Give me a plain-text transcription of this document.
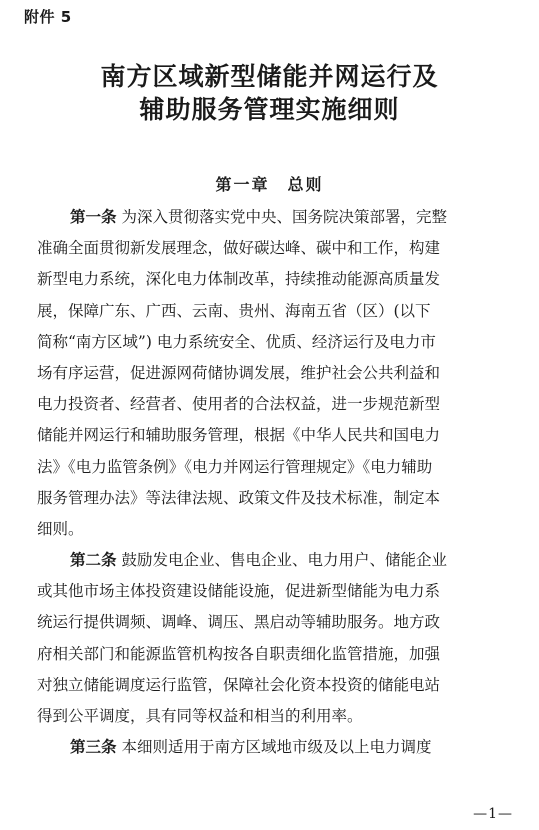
附件 5
南方区域新型储能并网运行及
辅助服务管理实施细则
第一章 总则
第一条 为深入贯彻落实党中央、国务院决策部署，完整
准确全面贯彻新发展理念，做好碳达峰、碳中和工作，构建
新型电力系统，深化电力体制改革，持续推动能源高质量发
展，保障广东、广西、云南、贵州、海南五省（区）(以下
简称“南方区域”) 电力系统安全、优质、经济运行及电力市
场有序运营，促进源网荷储协调发展，维护社会公共利益和
电力投资者、经营者、使用者的合法权益，进一步规范新型
储能并网运行和辅助服务管理，根据《中华人民共和国电力
法》《电力监管条例》《电力并网运行管理规定》《电力辅助
服务管理办法》等法律法规、政策文件及技术标准，制定本
细则。
第二条 鼓励发电企业、售电企业、电力用户、储能企业
或其他市场主体投资建设储能设施，促进新型储能为电力系
统运行提供调频、调峰、调压、黑启动等辅助服务。地方政
府相关部门和能源监管机构按各自职责细化监管措施，加强
对独立储能调度运行监管，保障社会化资本投资的储能电站
得到公平调度，具有同等权益和相当的利用率。
第三条 本细则适用于南方区域地市级及以上电力调度
—1—
